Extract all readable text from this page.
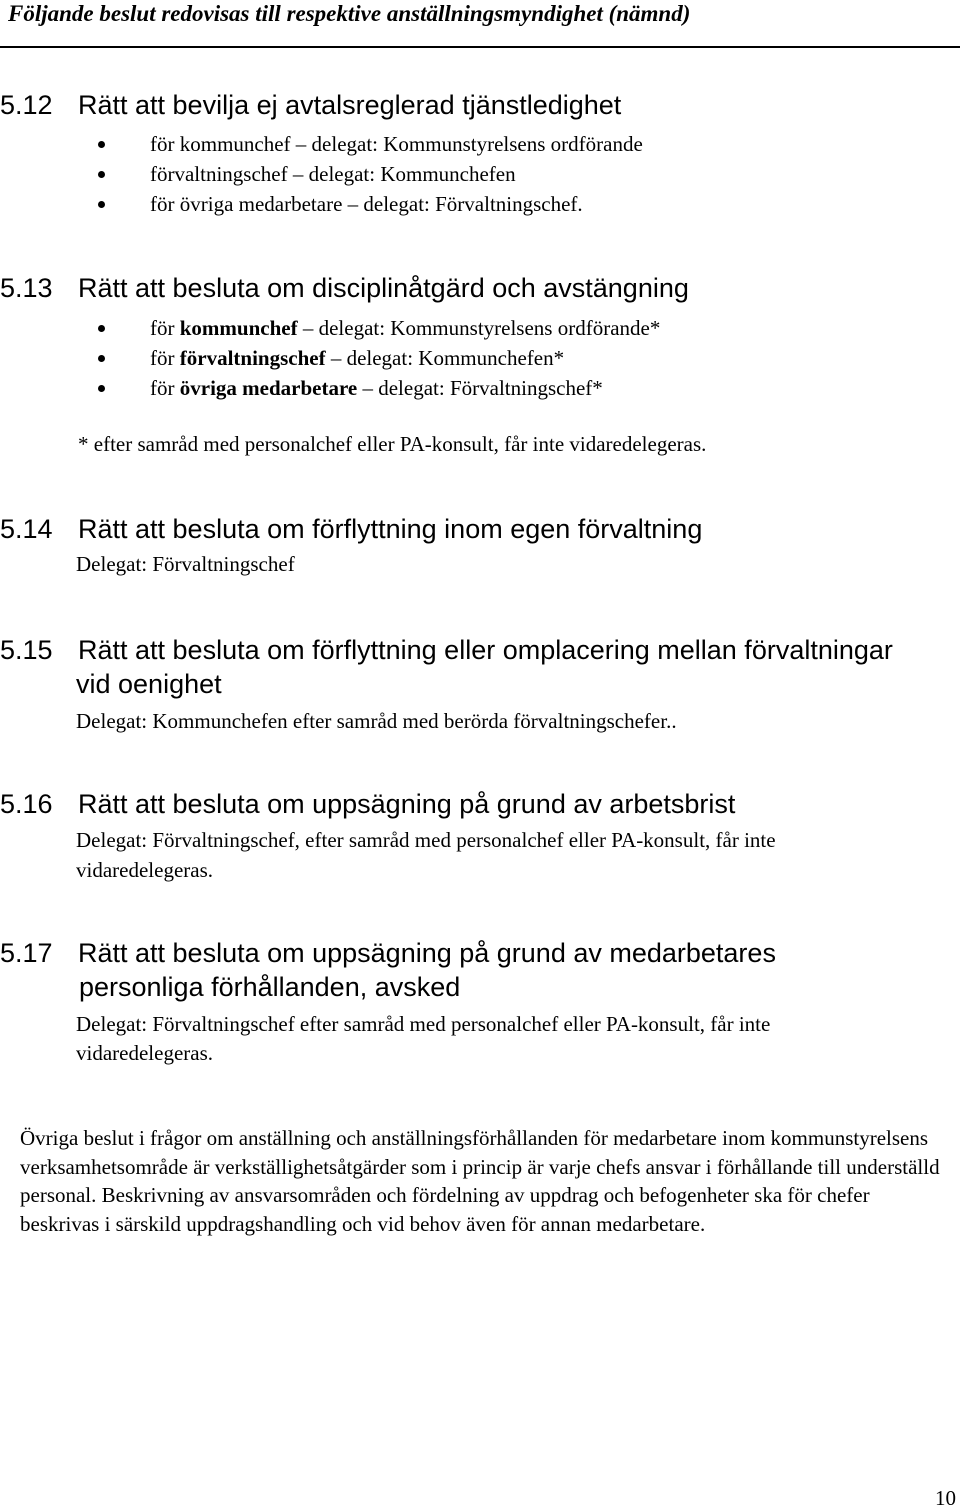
Följande beslut redovisas till respektive anställningsmyndighet (nämnd)
5.12 Rätt att bevilja ej avtalsreglerad tjänstledighet
för kommunchef – delegat: Kommunstyrelsens ordförande
förvaltningschef – delegat: Kommunchefen
för övriga medarbetare – delegat: Förvaltningschef.
5.13 Rätt att besluta om disciplinåtgärd och avstängning
för kommunchef – delegat: Kommunstyrelsens ordförande*
för förvaltningschef – delegat: Kommunchefen*
för övriga medarbetare – delegat: Förvaltningschef*
* efter samråd med personalchef eller PA-konsult, får inte vidaredelegeras.
5.14 Rätt att besluta om förflyttning inom egen förvaltning
Delegat: Förvaltningschef
5.15 Rätt att besluta om förflyttning eller omplacering mellan förvaltningar
vid oenighet
Delegat: Kommunchefen efter samråd med berörda förvaltningschefer..
5.16 Rätt att besluta om uppsägning på grund av arbetsbrist
Delegat: Förvaltningschef, efter samråd med personalchef eller PA-konsult, får inte
vidaredelegeras.
5.17 Rätt att besluta om uppsägning på grund av medarbetares
personliga förhållanden, avsked
Delegat: Förvaltningschef efter samråd med personalchef eller PA-konsult, får inte
vidaredelegeras.
Övriga beslut i frågor om anställning och anställningsförhållanden för medarbetare inom kommunstyrelsens verksamhetsområde är verkställighetsåtgärder som i princip är varje chefs ansvar i förhållande till underställd personal. Beskrivning av ansvarsområden och fördelning av uppdrag och befogenheter ska för chefer beskrivas i särskild uppdragshandling och vid behov även för annan medarbetare.
10
